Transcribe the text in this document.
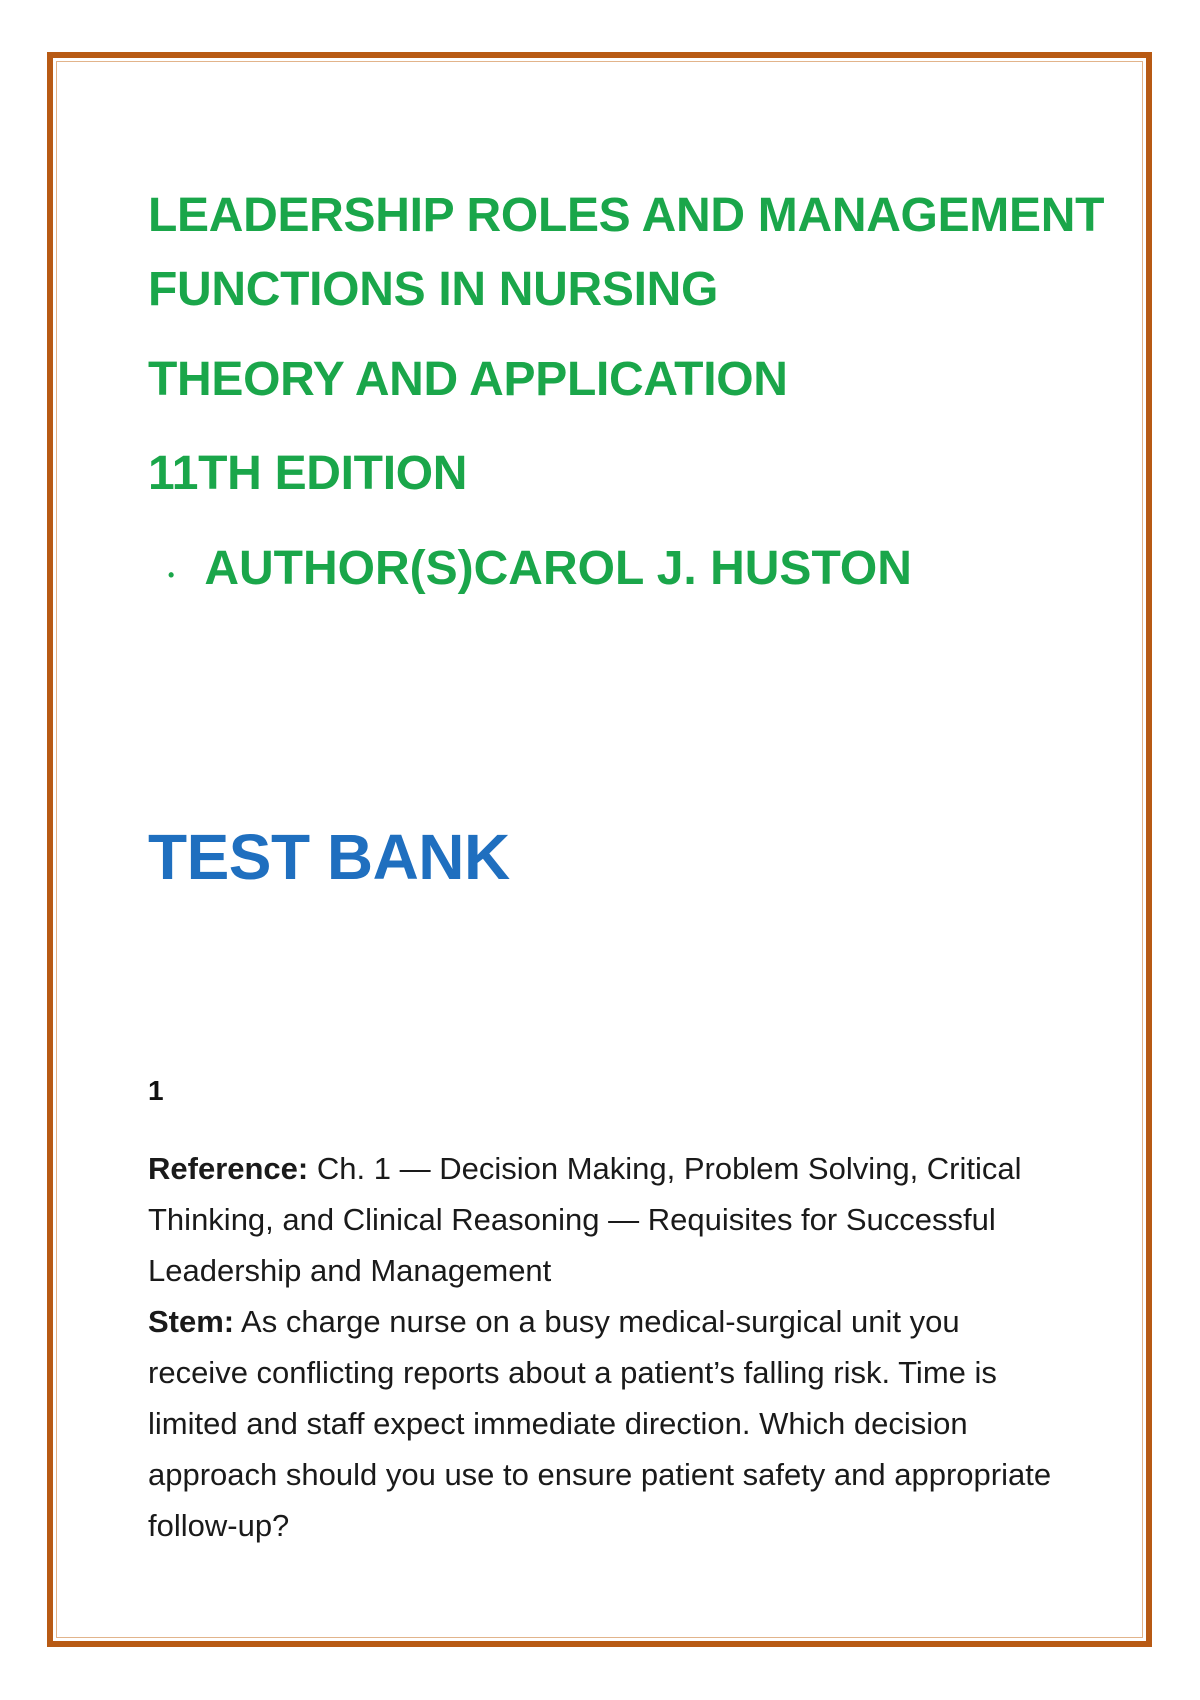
LEADERSHIP ROLES AND MANAGEMENT
FUNCTIONS IN NURSING
THEORY AND APPLICATION
11TH EDITION
• AUTHOR(S)CAROL J. HUSTON
TEST BANK
1

Reference: Ch. 1 — Decision Making, Problem Solving, Critical Thinking, and Clinical Reasoning — Requisites for Successful Leadership and Management

Stem: As charge nurse on a busy medical-surgical unit you receive conflicting reports about a patient’s falling risk. Time is limited and staff expect immediate direction. Which decision approach should you use to ensure patient safety and appropriate follow-up?
